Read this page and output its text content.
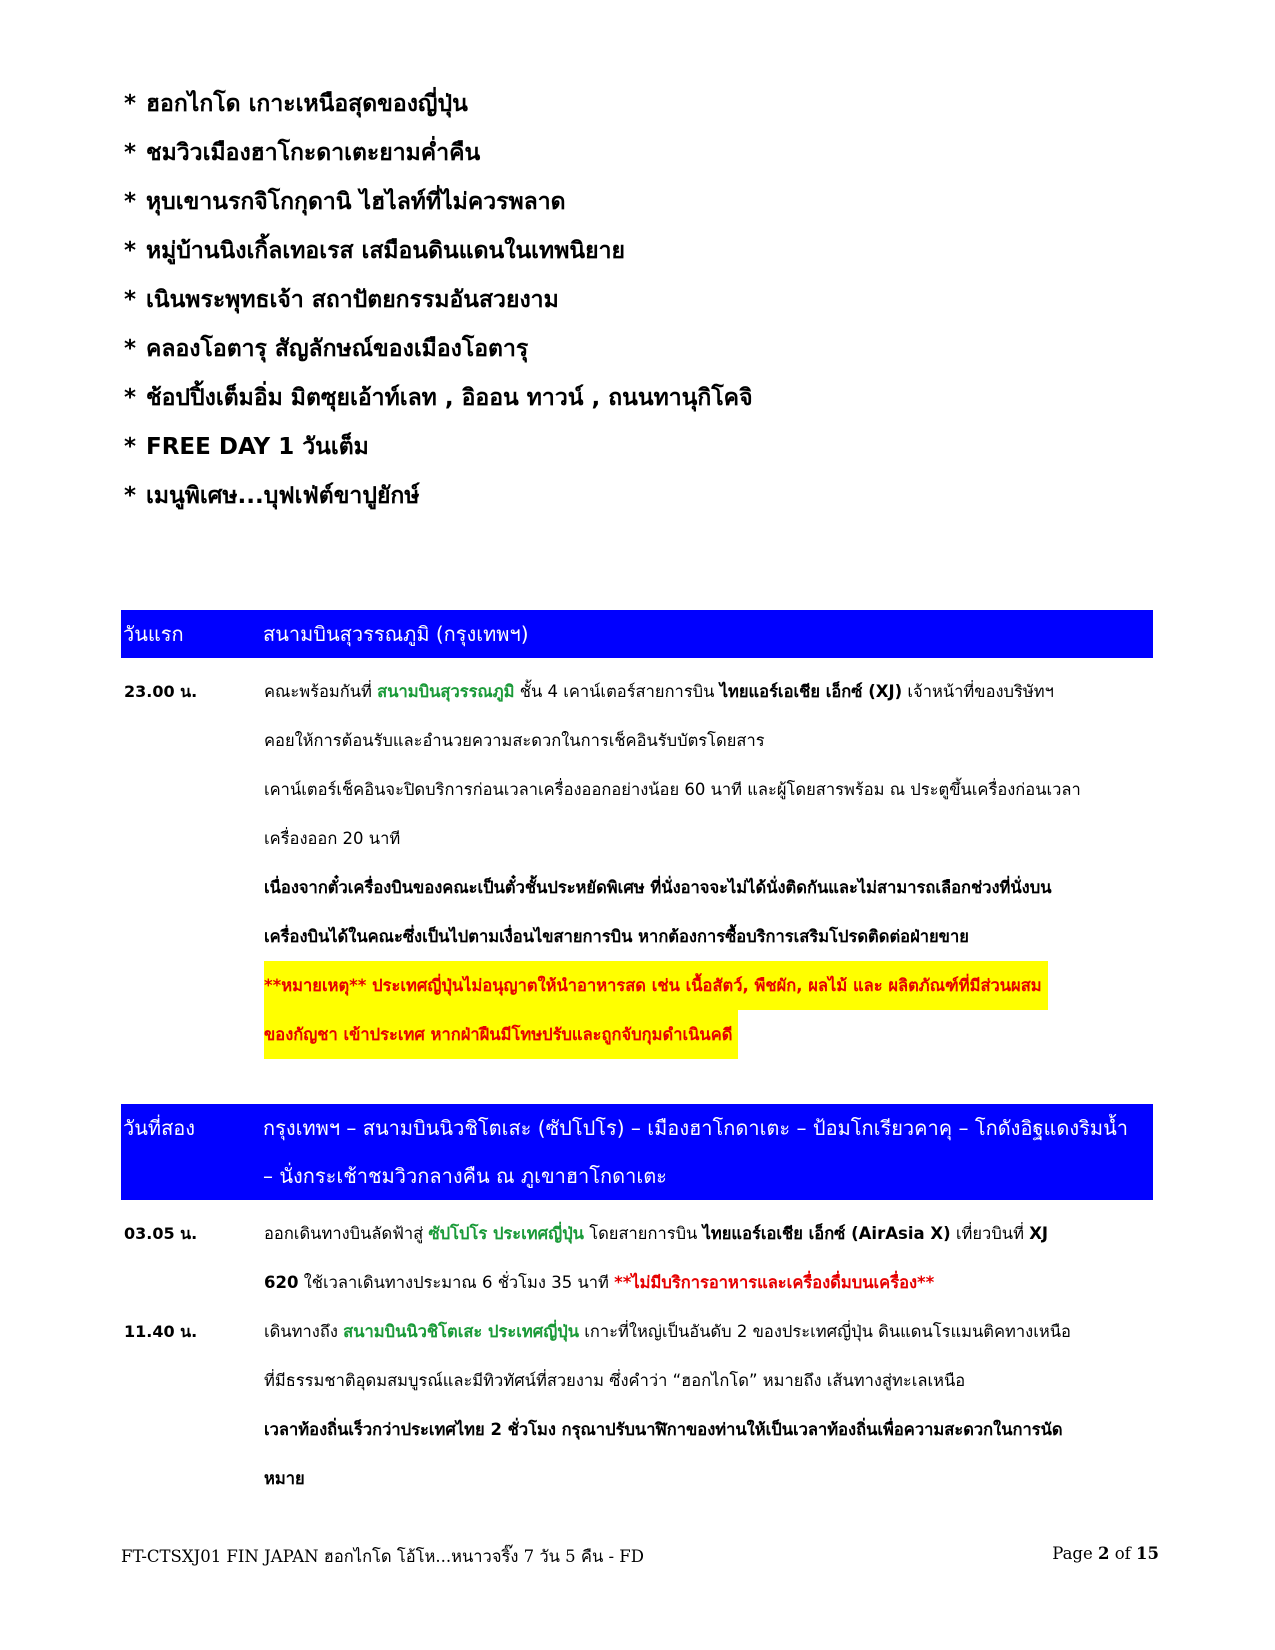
* ฮอกไกโด เกาะเหนือสุดของญี่ปุ่น
* ชมวิวเมืองฮาโกะดาเตะยามค่ำคืน
* หุบเขานรกจิโกกุดานิ ไฮไลท์ที่ไม่ควรพลาด
* หมู่บ้านนิงเกิ้ลเทอเรส เสมือนดินแดนในเทพนิยาย
* เนินพระพุทธเจ้า สถาปัตยกรรมอันสวยงาม
* คลองโอตารุ สัญลักษณ์ของเมืองโอตารุ
* ช้อปปิ้งเต็มอิ่ม มิตซุยเอ้าท์เลท , อิออน ทาวน์ , ถนนทานุกิโคจิ
* FREE DAY 1 วันเต็ม
* เมนูพิเศษ...บุฟเฟ่ต์ขาปูยักษ์
วันแรก	สนามบินสุวรรณภูมิ (กรุงเทพฯ)
23.00 น.	คณะพร้อมกันที่ สนามบินสุวรรณภูมิ ชั้น 4 เคาน์เตอร์สายการบิน ไทยแอร์เอเชีย เอ็กซ์ (XJ) เจ้าหน้าที่ของบริษัทฯ
คอยให้การต้อนรับและอำนวยความสะดวกในการเช็คอินรับบัตรโดยสาร
เคาน์เตอร์เช็คอินจะปิดบริการก่อนเวลาเครื่องออกอย่างน้อย 60 นาที และผู้โดยสารพร้อม ณ ประตูขึ้นเครื่องก่อนเวลา
เครื่องออก 20 นาที
เนื่องจากตั๋วเครื่องบินของคณะเป็นตั๋วชั้นประหยัดพิเศษ ที่นั่งอาจจะไม่ได้นั่งติดกันและไม่สามารถเลือกช่วงที่นั่งบน
เครื่องบินได้ในคณะซึ่งเป็นไปตามเงื่อนไขสายการบิน หากต้องการซื้อบริการเสริมโปรดติดต่อฝ่ายขาย
**หมายเหตุ** ประเทศญี่ปุ่นไม่อนุญาตให้นำอาหารสด เช่น เนื้อสัตว์, พืชผัก, ผลไม้ และ ผลิตภัณฑ์ที่มีส่วนผสม
ของกัญชา เข้าประเทศ หากฝ่าฝืนมีโทษปรับและถูกจับกุมดำเนินคดี
วันที่สอง	กรุงเทพฯ – สนามบินนิวชิโตเสะ (ซัปโปโร) – เมืองฮาโกดาเตะ – ป้อมโกเรียวคาคุ – โกดังอิฐแดงริมน้ำ
– นั่งกระเช้าชมวิวกลางคืน ณ ภูเขาฮาโกดาเตะ
03.05 น.	ออกเดินทางบินลัดฟ้าสู่ ซัปโปโร ประเทศญี่ปุ่น โดยสายการบิน ไทยแอร์เอเชีย เอ็กซ์ (AirAsia X) เที่ยวบินที่ XJ
620 ใช้เวลาเดินทางประมาณ 6 ชั่วโมง 35 นาที **ไม่มีบริการอาหารและเครื่องดื่มบนเครื่อง**
11.40 น.	เดินทางถึง สนามบินนิวชิโตเสะ ประเทศญี่ปุ่น เกาะที่ใหญ่เป็นอันดับ 2 ของประเทศญี่ปุ่น ดินแดนโรแมนติคทางเหนือ
ที่มีธรรมชาติอุดมสมบูรณ์และมีทิวทัศน์ที่สวยงาม ซึ่งคำว่า “ฮอกไกโด” หมายถึง เส้นทางสู่ทะเลเหนือ
เวลาท้องถิ่นเร็วกว่าประเทศไทย 2 ชั่วโมง กรุณาปรับนาฬิกาของท่านให้เป็นเวลาท้องถิ่นเพื่อความสะดวกในการนัด
หมาย
FT-CTSXJ01 FIN JAPAN ฮอกไกโด โอ้โห...หนาวจริ๊ง 7 วัน 5 คืน - FD	Page 2 of 15
